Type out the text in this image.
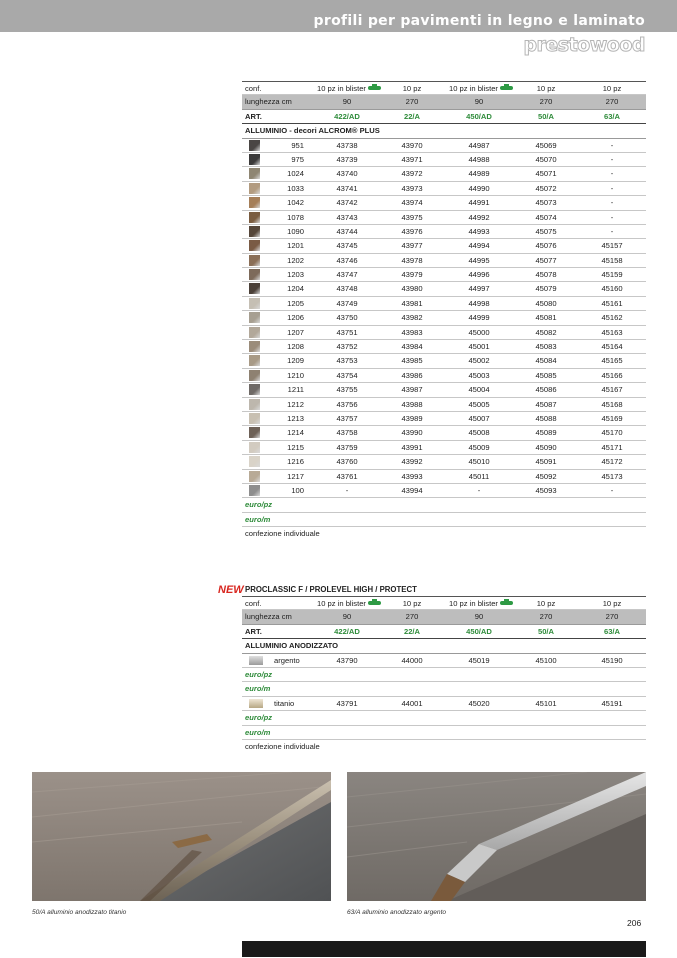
profili per pavimenti in legno e laminato
prestowood
conf.	10 pz in blister	10 pz	10 pz in blister	10 pz	10 pz
lunghezza cm	90	270	90	270	270
ART.	422/AD	22/A	450/AD	50/A	63/A
ALLUMINIO - decori ALCROM® PLUS
951	43738	43970	44987	45069	-
975	43739	43971	44988	45070	-
1024	43740	43972	44989	45071	-
1033	43741	43973	44990	45072	-
1042	43742	43974	44991	45073	-
1078	43743	43975	44992	45074	-
1090	43744	43976	44993	45075	-
1201	43745	43977	44994	45076	45157
1202	43746	43978	44995	45077	45158
1203	43747	43979	44996	45078	45159
1204	43748	43980	44997	45079	45160
1205	43749	43981	44998	45080	45161
1206	43750	43982	44999	45081	45162
1207	43751	43983	45000	45082	45163
1208	43752	43984	45001	45083	45164
1209	43753	43985	45002	45084	45165
1210	43754	43986	45003	45085	45166
1211	43755	43987	45004	45086	45167
1212	43756	43988	45005	45087	45168
1213	43757	43989	45007	45088	45169
1214	43758	43990	45008	45089	45170
1215	43759	43991	45009	45090	45171
1216	43760	43992	45010	45091	45172
1217	43761	43993	45011	45092	45173
100	-	43994	-	45093	-
euro/pz
euro/m
confezione individuale
NEW PROCLASSIC F / PROLEVEL HIGH / PROTECT
conf.	10 pz in blister	10 pz	10 pz in blister	10 pz	10 pz
lunghezza cm	90	270	90	270	270
ART.	422/AD	22/A	450/AD	50/A	63/A
ALLUMINIO ANODIZZATO
argento	43790	44000	45019	45100	45190
euro/pz
euro/m
titanio	43791	44001	45020	45101	45191
euro/pz
euro/m
confezione individuale
50/A alluminio anodizzato titanio	63/A alluminio anodizzato argento
206
